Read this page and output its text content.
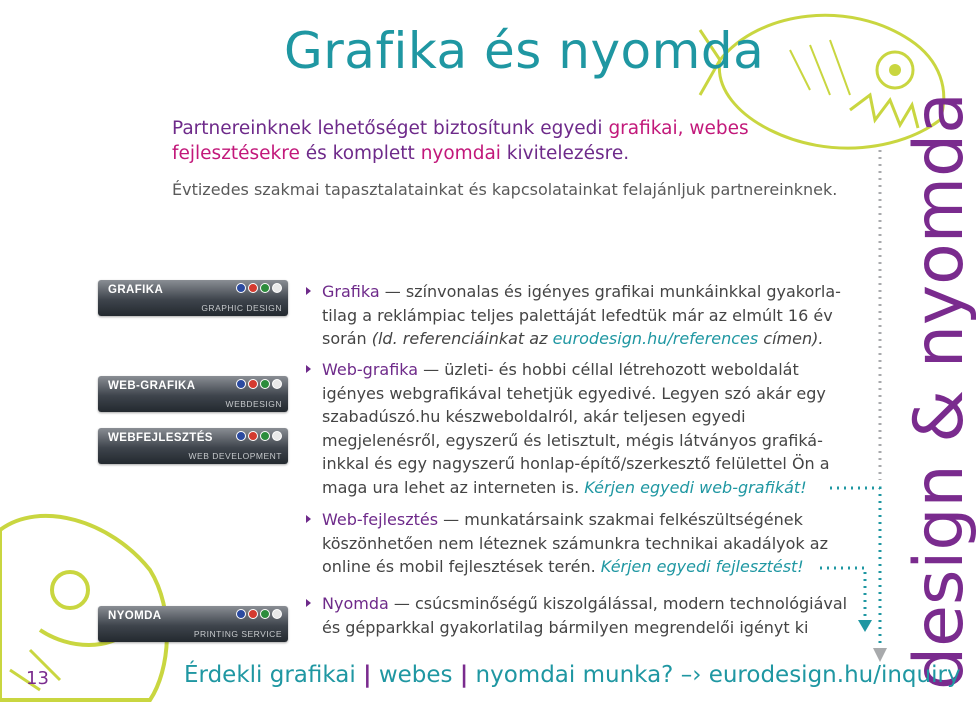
Grafika és nyomda
Partnereinknek lehetőséget biztosítunk egyedi grafikai, webes
fejlesztésekre és komplett nyomdai kivitelezésre.
Évtizedes szakmai tapasztalatainkat és kapcsolatainkat felajánljuk partnereinknek.
GRAFIKA
GRAPHIC DESIGN
WEB-GRAFIKA
WEBDESIGN
WEBFEJLESZTÉS
WEB DEVELOPMENT
NYOMDA
PRINTING SERVICE
Grafika — színvonalas és igényes grafikai munkáinkkal gyakorla-tilag a reklámpiac teljes palettáját lefedtük már az elmúlt 16 év során (ld. referenciáinkat az eurodesign.hu/references címen).
Web-grafika — üzleti- és hobbi céllal létrehozott weboldalát igényes webgrafikával tehetjük egyedivé. Legyen szó akár egy szabadúszó.hu készweboldalról, akár teljesen egyedi megjelenésről, egyszerű és letisztult, mégis látványos grafiká-inkkal és egy nagyszerű honlap-építő/szerkesztő felülettel Ön a maga ura lehet az interneten is. Kérjen egyedi web-grafikát!
Web-fejlesztés — munkatársaink szakmai felkészültségének köszönhetően nem léteznek számunkra technikai akadályok az online és mobil fejlesztések terén. Kérjen egyedi fejlesztést!
Nyomda — csúcsminőségű kiszolgálással, modern technológiával és gépparkkal gyakorlatilag bármilyen megrendelői igényt ki	design & nyomda
13	Érdekli grafikai | webes | nyomdai munka? –› eurodesign.hu/inquiry
